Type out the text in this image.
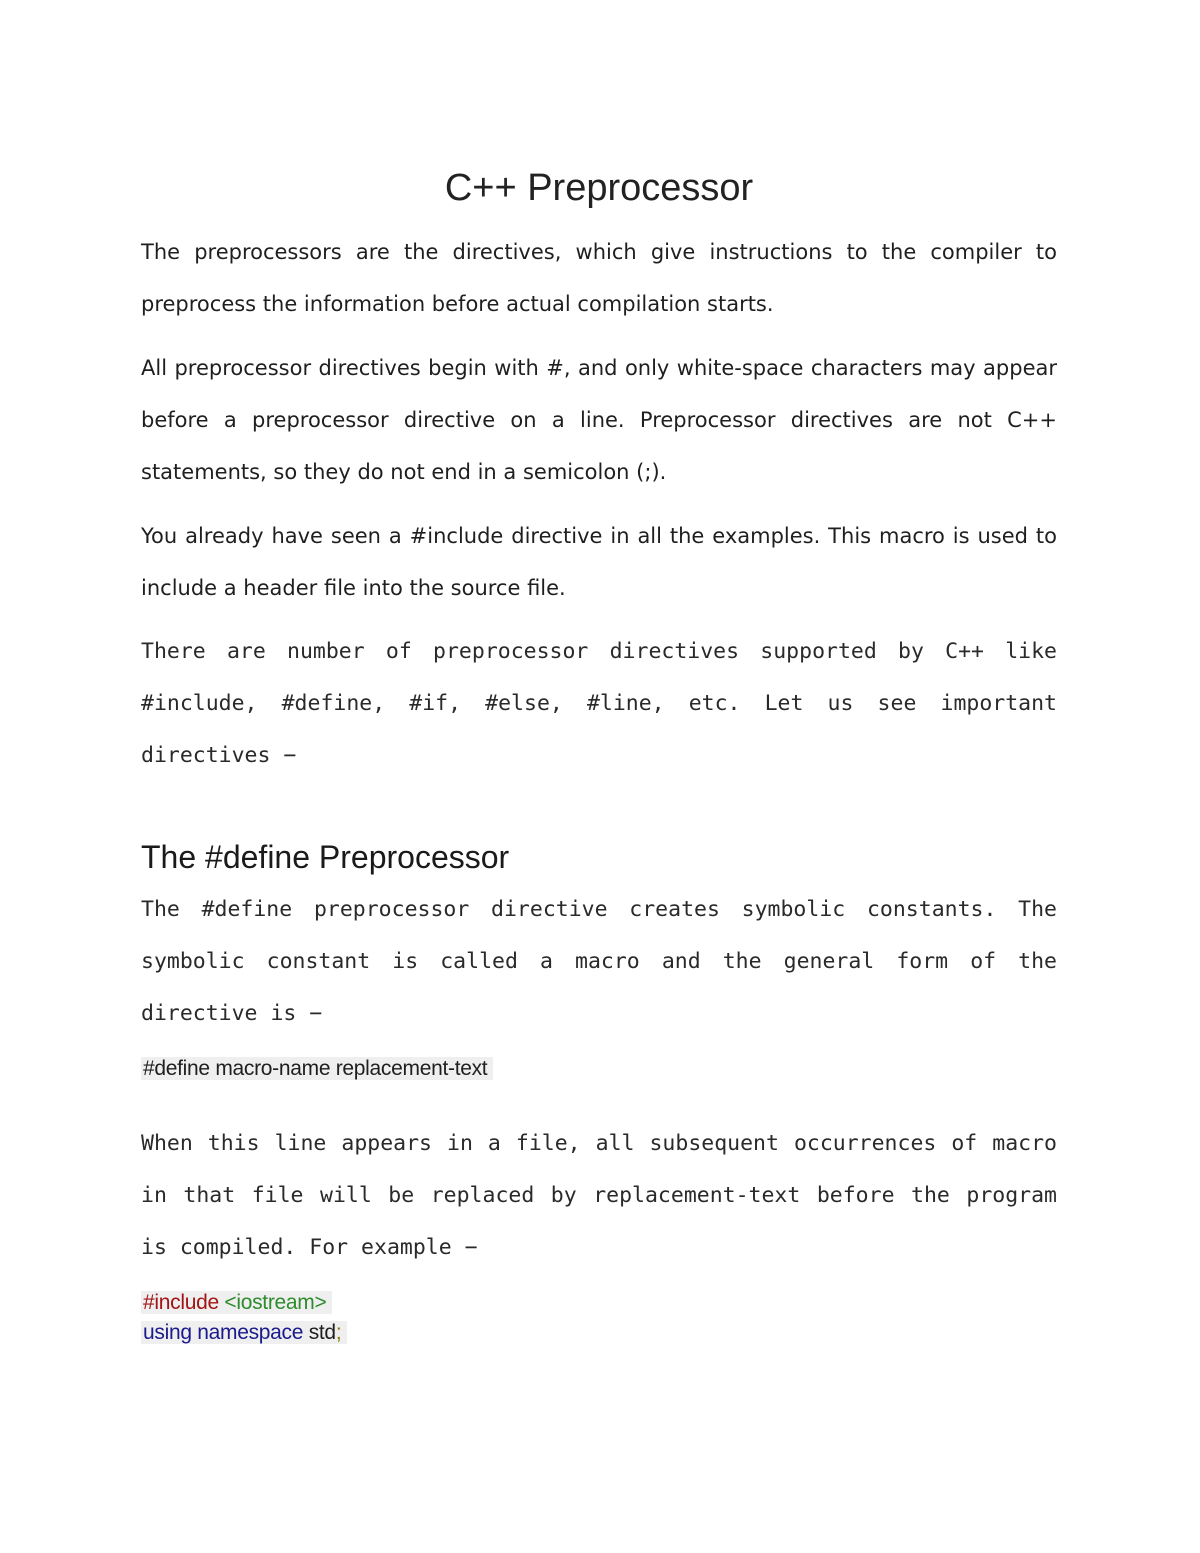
C++ Preprocessor

The preprocessors are the directives, which give instructions to the compiler to preprocess the information before actual compilation starts.

All preprocessor directives begin with #, and only white-space characters may appear before a preprocessor directive on a line. Preprocessor directives are not C++ statements, so they do not end in a semicolon (;).

You already have seen a #include directive in all the examples. This macro is used to include a header file into the source file.

There are number of preprocessor directives supported by C++ like #include, #define, #if, #else, #line, etc. Let us see important directives −

The #define Preprocessor

The #define preprocessor directive creates symbolic constants. The symbolic constant is called a macro and the general form of the directive is −

#define macro-name replacement-text

When this line appears in a file, all subsequent occurrences of macro in that file will be replaced by replacement-text before the program is compiled. For example −

#include <iostream>

using namespace std;
